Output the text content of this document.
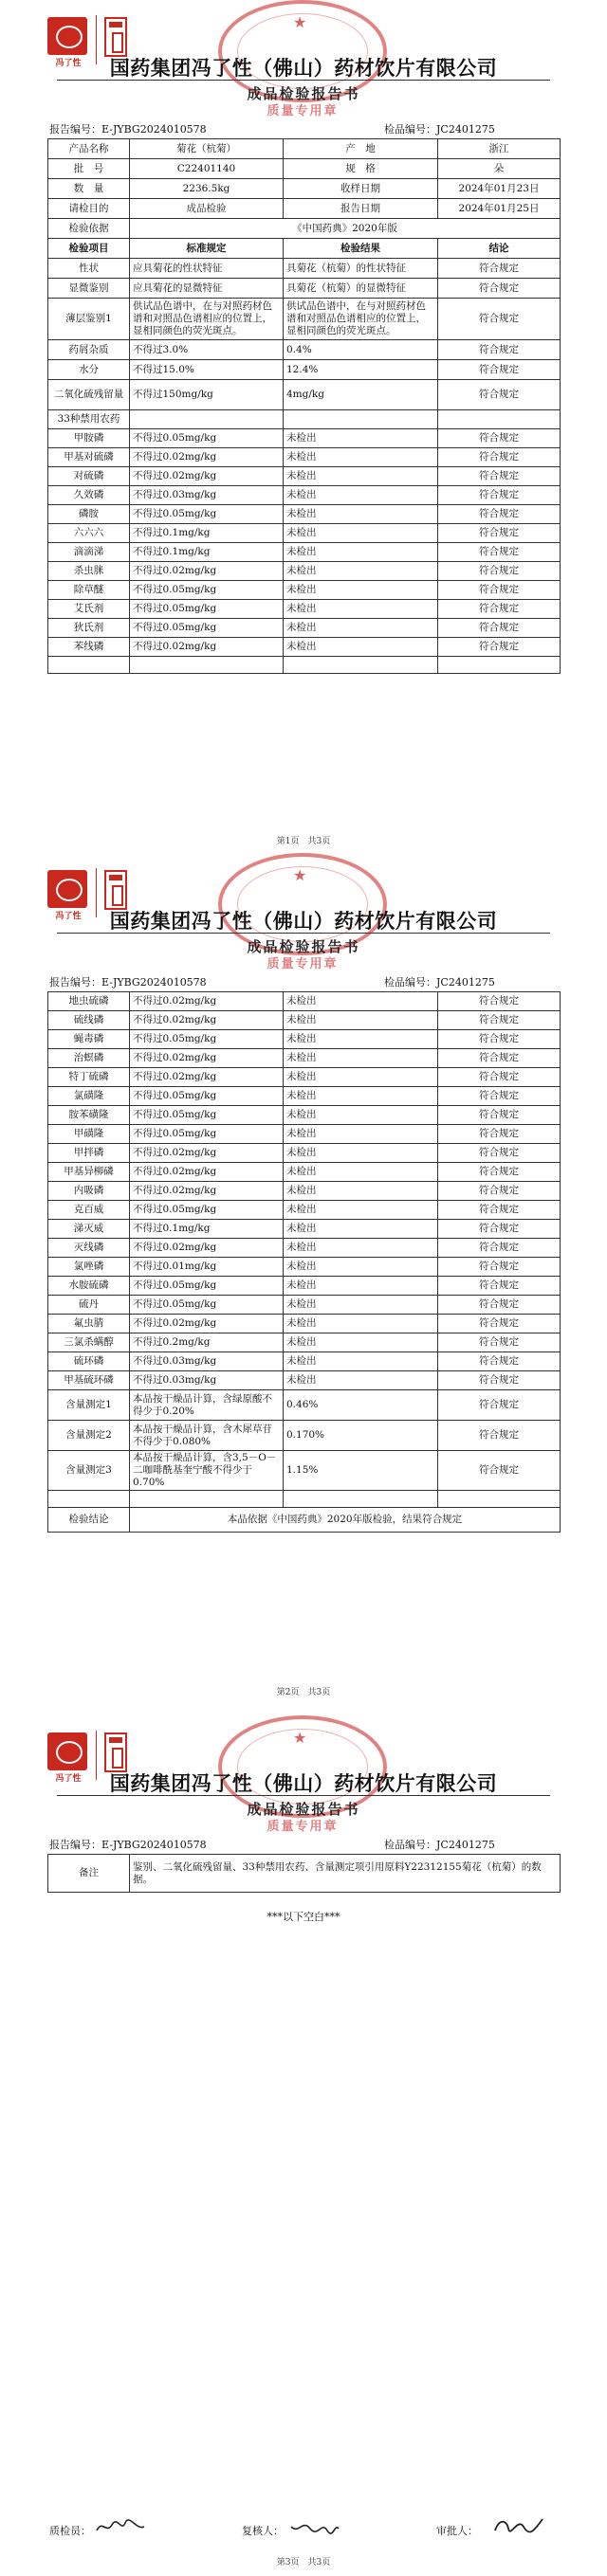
冯了性
★
国药集团冯了性（佛山）药材饮片有限公司
成品检验报告书
质量专用章
报告编号：E-JYBG2024010578	检品编号：JC2401275
产品名称	菊花（杭菊）	产　地	浙江
批　号	C22401140	规　格	朵
数　量	2236.5kg	收样日期	2024年01月23日
请检目的	成品检验	报告日期	2024年01月25日
检验依据	《中国药典》2020年版		
检验项目	标准规定	检验结果	结论
性状	应具菊花的性状特征	具菊花（杭菊）的性状特征	符合规定
显微鉴别	应具菊花的显微特征	具菊花（杭菊）的显微特征	符合规定
薄层鉴别1	供试品色谱中，在与对照药材色谱和对照品色谱相应的位置上，显相同颜色的荧光斑点。	供试品色谱中，在与对照药材色谱和对照品色谱相应的位置上，显相同颜色的荧光斑点。	符合规定
药屑杂质	不得过3.0%	0.4%	符合规定
水分	不得过15.0%	12.4%	符合规定
二氧化硫残留量	不得过150mg/kg	4mg/kg	符合规定
33种禁用农药			
甲胺磷	不得过0.05mg/kg	未检出	符合规定
甲基对硫磷	不得过0.02mg/kg	未检出	符合规定
对硫磷	不得过0.02mg/kg	未检出	符合规定
久效磷	不得过0.03mg/kg	未检出	符合规定
磷胺	不得过0.05mg/kg	未检出	符合规定
六六六	不得过0.1mg/kg	未检出	符合规定
滴滴涕	不得过0.1mg/kg	未检出	符合规定
杀虫脒	不得过0.02mg/kg	未检出	符合规定
除草醚	不得过0.05mg/kg	未检出	符合规定
艾氏剂	不得过0.05mg/kg	未检出	符合规定
狄氏剂	不得过0.05mg/kg	未检出	符合规定
苯线磷	不得过0.02mg/kg	未检出	符合规定

第1页　共3页
冯了性
★
国药集团冯了性（佛山）药材饮片有限公司
成品检验报告书
质量专用章
报告编号：E-JYBG2024010578	检品编号：JC2401275
地虫硫磷	不得过0.02mg/kg	未检出	符合规定
硫线磷	不得过0.02mg/kg	未检出	符合规定
蝇毒磷	不得过0.05mg/kg	未检出	符合规定
治螟磷	不得过0.02mg/kg	未检出	符合规定
特丁硫磷	不得过0.02mg/kg	未检出	符合规定
氯磺隆	不得过0.05mg/kg	未检出	符合规定
胺苯磺隆	不得过0.05mg/kg	未检出	符合规定
甲磺隆	不得过0.05mg/kg	未检出	符合规定
甲拌磷	不得过0.02mg/kg	未检出	符合规定
甲基异柳磷	不得过0.02mg/kg	未检出	符合规定
内吸磷	不得过0.02mg/kg	未检出	符合规定
克百威	不得过0.05mg/kg	未检出	符合规定
涕灭威	不得过0.1mg/kg	未检出	符合规定
灭线磷	不得过0.02mg/kg	未检出	符合规定
氯唑磷	不得过0.01mg/kg	未检出	符合规定
水胺硫磷	不得过0.05mg/kg	未检出	符合规定
硫丹	不得过0.05mg/kg	未检出	符合规定
氟虫腈	不得过0.02mg/kg	未检出	符合规定
三氯杀螨醇	不得过0.2mg/kg	未检出	符合规定
硫环磷	不得过0.03mg/kg	未检出	符合规定
甲基硫环磷	不得过0.03mg/kg	未检出	符合规定
含量测定1	本品按干燥品计算，含绿原酸不得少于0.20%	0.46%	符合规定
含量测定2	本品按干燥品计算，含木犀草苷不得少于0.080%	0.170%	符合规定
含量测定3	本品按干燥品计算，含3,5－O－二咖啡酰基奎宁酸不得少于0.70%	1.15%	符合规定

检验结论	本品依据《中国药典》2020年版检验，结果符合规定		
第2页　共3页
冯了性
★
国药集团冯了性（佛山）药材饮片有限公司
成品检验报告书
质量专用章
报告编号：E-JYBG2024010578	检品编号：JC2401275
备注	鉴别、二氧化硫残留量、33种禁用农药、含量测定项引用原料Y22312155菊花（杭菊）的数据。
***以下空白***
质检员：	复核人：	审批人：
第3页　共3页
